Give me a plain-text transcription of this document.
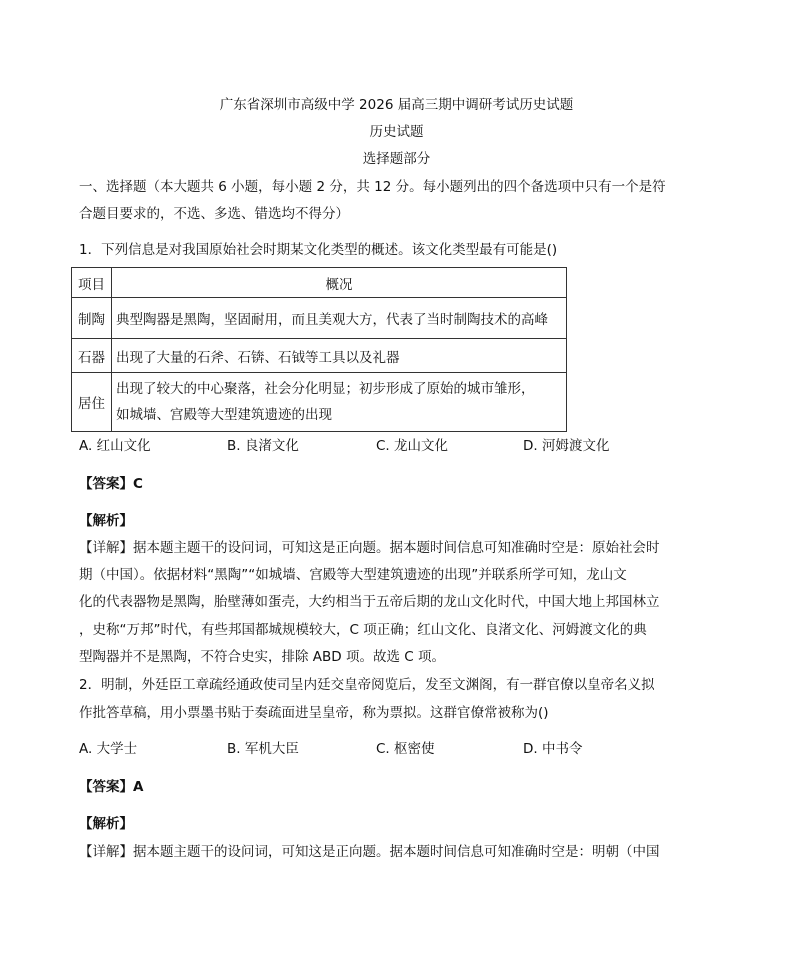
广东省深圳市高级中学 2026 届高三期中调研考试历史试题
历史试题
选择题部分
一、选择题（本大题共 6 小题，每小题 2 分，共 12 分。每小题列出的四个备选项中只有一个是符
合题目要求的，不选、多选、错选均不得分）
1．下列信息是对我国原始社会时期某文化类型的概述。该文化类型最有可能是()
项目	概况
制陶	典型陶器是黑陶，坚固耐用，而且美观大方，代表了当时制陶技术的高峰
石器	出现了大量的石斧、石锛、石钺等工具以及礼器
居住	出现了较大的中心聚落，社会分化明显；初步形成了原始的城市雏形，
如城墙、宫殿等大型建筑遗迹的出现
A. 红山文化	B. 良渚文化	C. 龙山文化	D. 河姆渡文化
【答案】C
【解析】
【详解】据本题主题干的设问词，可知这是正向题。据本题时间信息可知准确时空是：原始社会时
期（中国）。依据材料“黑陶”“如城墙、宫殿等大型建筑遗迹的出现”并联系所学可知，龙山文
化的代表器物是黑陶，胎壁薄如蛋壳，大约相当于五帝后期的龙山文化时代，中国大地上邦国林立
，史称“万邦”时代，有些邦国都城规模较大，C 项正确；红山文化、良渚文化、河姆渡文化的典
型陶器并不是黑陶，不符合史实，排除 ABD 项。故选 C 项。
2．明制，外廷臣工章疏经通政使司呈内廷交皇帝阅览后，发至文渊阁，有一群官僚以皇帝名义拟
作批答草稿，用小票墨书贴于奏疏面进呈皇帝，称为票拟。这群官僚常被称为()
A. 大学士	B. 军机大臣	C. 枢密使	D. 中书令
【答案】A
【解析】
【详解】据本题主题干的设问词，可知这是正向题。据本题时间信息可知准确时空是：明朝（中国
